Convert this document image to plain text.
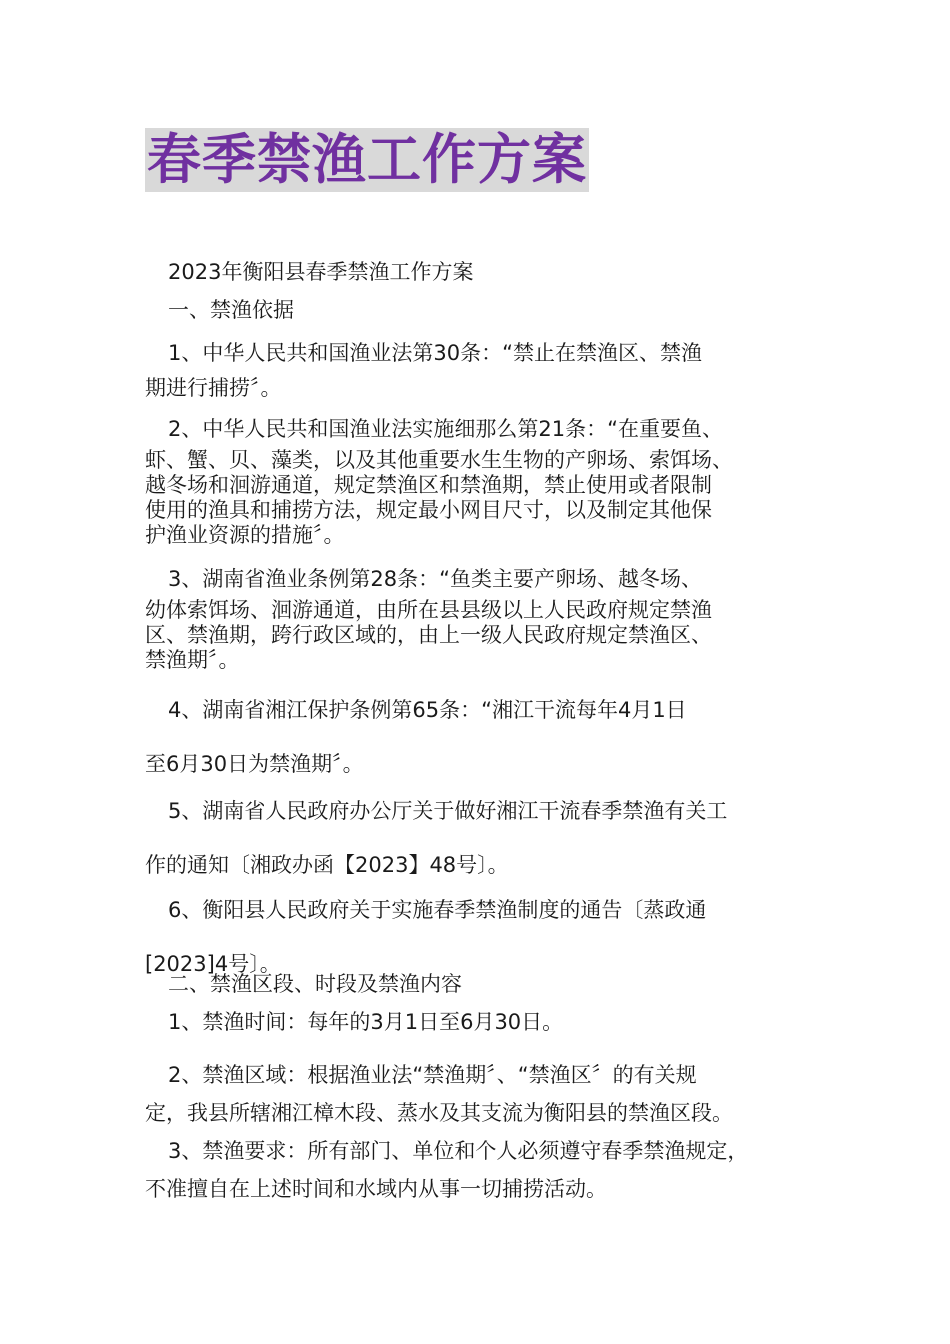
春季禁渔工作方案
2023年衡阳县春季禁渔工作方案
一、禁渔依据
1、中华人民共和国渔业法第30条：“禁止在禁渔区、禁渔
期进行捕捞〞。
2、中华人民共和国渔业法实施细那么第21条：“在重要鱼、
虾、蟹、贝、藻类，以及其他重要水生生物的产卵场、索饵场、
越冬场和洄游通道，规定禁渔区和禁渔期，禁止使用或者限制
使用的渔具和捕捞方法，规定最小网目尺寸，以及制定其他保
护渔业资源的措施〞。
3、湖南省渔业条例第28条：“鱼类主要产卵场、越冬场、
幼体索饵场、洄游通道，由所在县县级以上人民政府规定禁渔
区、禁渔期，跨行政区域的，由上一级人民政府规定禁渔区、
禁渔期〞。
4、湖南省湘江保护条例第65条：“湘江干流每年4月1日
至6月30日为禁渔期〞。
5、湖南省人民政府办公厅关于做好湘江干流春季禁渔有关工
作的通知〔湘政办函【2023】48号〕。
6、衡阳县人民政府关于实施春季禁渔制度的通告〔蒸政通
[2023]4号〕。
二、禁渔区段、时段及禁渔内容
1、禁渔时间：每年的3月1日至6月30日。
2、禁渔区域：根据渔业法“禁渔期〞、“禁渔区〞的有关规
定，我县所辖湘江樟木段、蒸水及其支流为衡阳县的禁渔区段。
3、禁渔要求：所有部门、单位和个人必须遵守春季禁渔规定，
不准擅自在上述时间和水域内从事一切捕捞活动。
